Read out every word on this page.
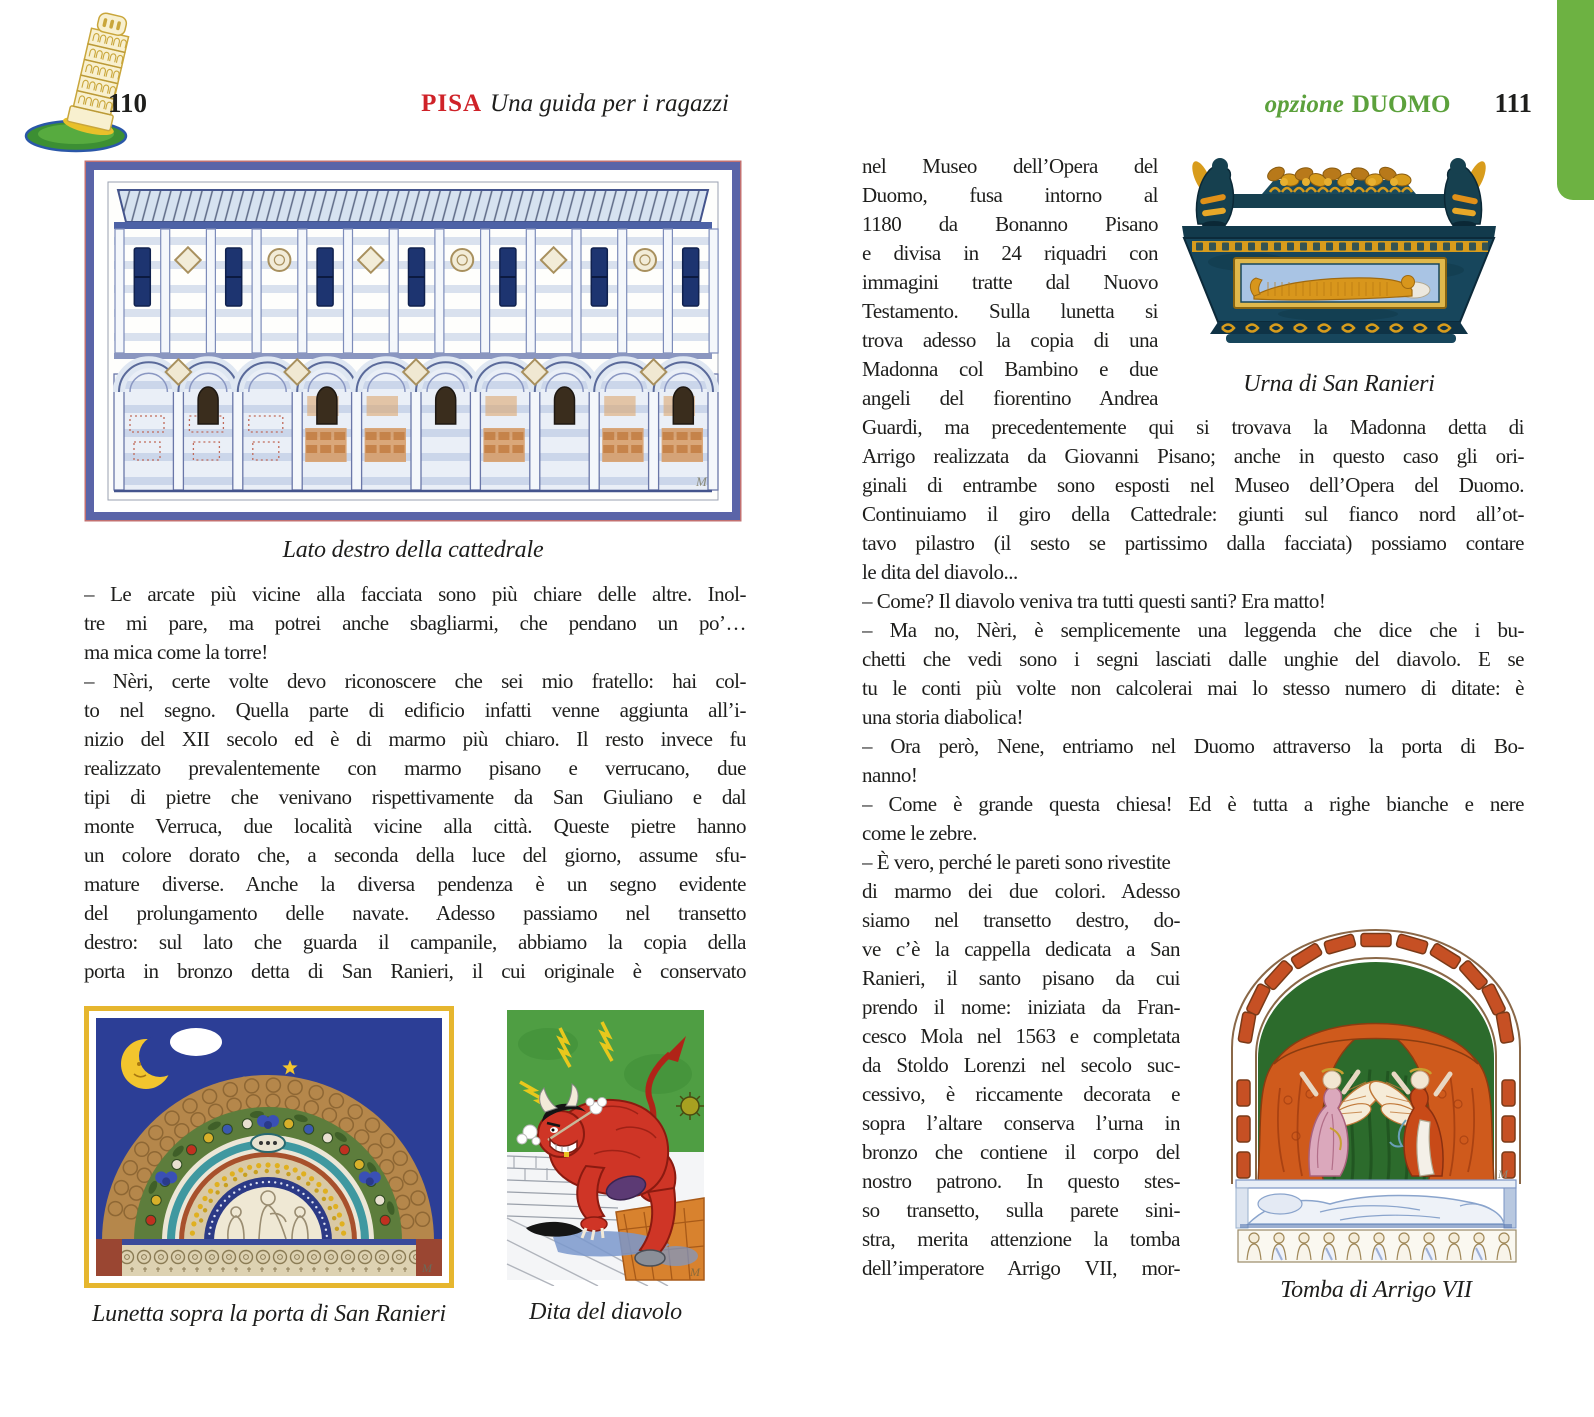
110	PISA Una guida per i ragazzi	opzione DUOMO 111
M
Lato destro della cattedrale
– Le arcate più vicine alla facciata sono più chiare delle altre. Inol-
tre mi pare, ma potrei anche sbagliarmi, che pendano un po’…
ma mica come la torre!
– Nèri, certe volte devo riconoscere che sei mio fratello: hai col-
to nel segno. Quella parte di edificio infatti venne aggiunta all’i-
nizio del XII secolo ed è di marmo più chiaro. Il resto invece fu
realizzato prevalentemente con marmo pisano e verrucano, due
tipi di pietre che venivano rispettivamente da San Giuliano e dal
monte Verruca, due località vicine alla città. Queste pietre hanno
un colore dorato che, a seconda della luce del giorno, assume sfu-
mature diverse. Anche la diversa pendenza è un segno evidente
del prolungamento delle navate. Adesso passiamo nel transetto
destro: sul lato che guarda il campanile, abbiamo la copia della
porta in bronzo detta di San Ranieri, il cui originale è conservato
M
Lunetta sopra la porta di San Ranieri
M
Dita del diavolo
nel Museo dell’Opera del
Duomo, fusa intorno al
1180 da Bonanno Pisano
e divisa in 24 riquadri con
immagini tratte dal Nuovo
Testamento. Sulla lunetta si
trova adesso la copia di una
Madonna col Bambino e due
angeli del fiorentino Andrea
Guardi, ma precedentemente qui si trovava la Madonna detta di
Arrigo realizzata da Giovanni Pisano; anche in questo caso gli ori-
ginali di entrambe sono esposti nel Museo dell’Opera del Duomo.
Continuiamo il giro della Cattedrale: giunti sul fianco nord all’ot-
tavo pilastro (il sesto se partissimo dalla facciata) possiamo contare
le dita del diavolo...
– Come? Il diavolo veniva tra tutti questi santi? Era matto!
– Ma no, Nèri, è semplicemente una leggenda che dice che i bu-
chetti che vedi sono i segni lasciati dalle unghie del diavolo. E se
tu le conti più volte non calcolerai mai lo stesso numero di ditate: è
una storia diabolica!
– Ora però, Nene, entriamo nel Duomo attraverso la porta di Bo-
nanno!
– Come è grande questa chiesa! Ed è tutta a righe bianche e nere
come le zebre.
– È vero, perché le pareti sono rivestite
di marmo dei due colori. Adesso
siamo nel transetto destro, do-
ve c’è la cappella dedicata a San
Ranieri, il santo pisano da cui
prendo il nome: iniziata da Fran-
cesco Mola nel 1563 e completata
da Stoldo Lorenzi nel secolo suc-
cessivo, è riccamente decorata e
sopra l’altare conserva l’urna in
bronzo che contiene il corpo del
nostro patrono. In questo stes-
so transetto, sulla parete sini-
stra, merita attenzione la tomba
dell’imperatore Arrigo VII, mor-
Urna di San Ranieri
M
Tomba di Arrigo VII
